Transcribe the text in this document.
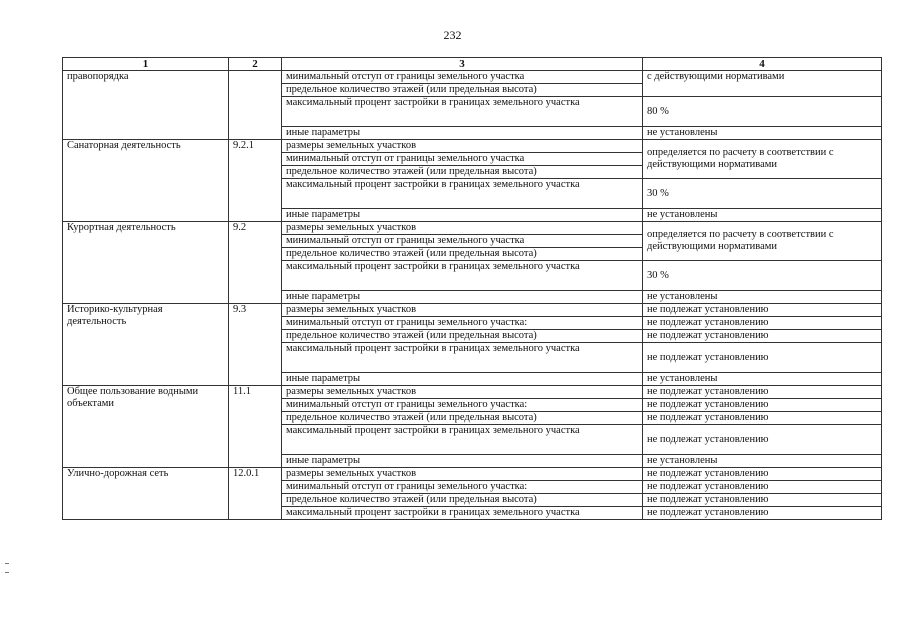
232
1	2	3	4
правопорядка		минимальный отступ от границы земельного участка	с действующими нормативами
		предельное количество этажей (или предельная высота)	
		максимальный процент застройки в границах земельного участка	80 %
		иные параметры	не установлены
Санаторная деятельность	9.2.1	размеры земельных участков	определяется по расчету в соответствии с действующими нормативами
		минимальный отступ от границы земельного участка	
		предельное количество этажей (или предельная высота)	
		максимальный процент застройки в границах земельного участка	30 %
		иные параметры	не установлены
Курортная деятельность	9.2	размеры земельных участков	определяется по расчету в соответствии с действующими нормативами
		минимальный отступ от границы земельного участка	
		предельное количество этажей (или предельная высота)	
		максимальный процент застройки в границах земельного участка	30 %
		иные параметры	не установлены
Историко-культурная деятельность	9.3	размеры земельных участков	не подлежат установлению
		минимальный отступ от границы земельного участка:	не подлежат установлению
		предельное количество этажей (или предельная высота)	не подлежат установлению
		максимальный процент застройки в границах земельного участка	не подлежат установлению
		иные параметры	не установлены
Общее пользование водными объектами	11.1	размеры земельных участков	не подлежат установлению
		минимальный отступ от границы земельного участка:	не подлежат установлению
		предельное количество этажей (или предельная высота)	не подлежат установлению
		максимальный процент застройки в границах земельного участка	не подлежат установлению
		иные параметры	не установлены
Улично-дорожная сеть	12.0.1	размеры земельных участков	не подлежат установлению
		минимальный отступ от границы земельного участка:	не подлежат установлению
		предельное количество этажей (или предельная высота)	не подлежат установлению
		максимальный процент застройки в границах земельного участка	не подлежат установлению
